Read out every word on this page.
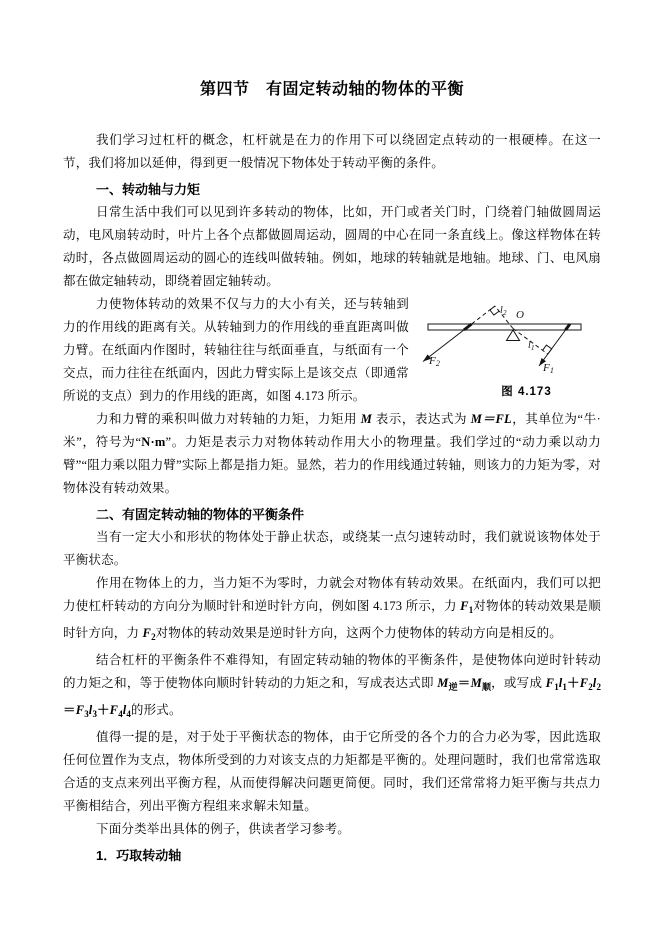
第四节　有固定转动轴的物体的平衡
我们学习过杠杆的概念，杠杆就是在力的作用下可以绕固定点转动的一根硬棒。在这一节，我们将加以延伸，得到更一般情况下物体处于转动平衡的条件。
一、转动轴与力矩
日常生活中我们可以见到许多转动的物体，比如，开门或者关门时，门绕着门轴做圆周运动，电风扇转动时，叶片上各个点都做圆周运动，圆周的中心在同一条直线上。像这样物体在转动时，各点做圆周运动的圆心的连线叫做转轴。例如，地球的转轴就是地轴。地球、门、电风扇都在做定轴转动，即绕着固定轴转动。
O
$l_2$
$l_1$
F2	F1
图 4.173
力使物体转动的效果不仅与力的大小有关，还与转轴到力的作用线的距离有关。从转轴到力的作用线的垂直距离叫做力臂。在纸面内作图时，转轴往往与纸面垂直，与纸面有一个交点，而力往往在纸面内，因此力臂实际上是该交点（即通常所说的支点）到力的作用线的距离，如图 4.173 所示。
力和力臂的乘积叫做力对转轴的力矩，力矩用 M 表示，表达式为 M＝FL，其单位为“牛·米”，符号为“N·m”。力矩是表示力对物体转动作用大小的物理量。我们学过的“动力乘以动力臂”“阻力乘以阻力臂”实际上都是指力矩。显然，若力的作用线通过转轴，则该力的力矩为零，对物体没有转动效果。
二、有固定转动轴的物体的平衡条件
当有一定大小和形状的物体处于静止状态，或绕某一点匀速转动时，我们就说该物体处于平衡状态。
作用在物体上的力，当力矩不为零时，力就会对物体有转动效果。在纸面内，我们可以把力使杠杆转动的方向分为顺时针和逆时针方向，例如图 4.173 所示，力 $F_1$对物体的转动效果是顺时针方向，力 $F_2$对物体的转动效果是逆时针方向，这两个力使物体的转动方向是相反的。
结合杠杆的平衡条件不难得知，有固定转动轴的物体的平衡条件，是使物体向逆时针转动的力矩之和，等于使物体向顺时针转动的力矩之和，写成表达式即 $M_逆=M_顺$，或写成 $F_1l_1+F_2l_2=F_3l_3+F_4l_4$的形式。
值得一提的是，对于处于平衡状态的物体，由于它所受的各个力的合力必为零，因此选取任何位置作为支点，物体所受到的力对该支点的力矩都是平衡的。处理问题时，我们也常常选取合适的支点来列出平衡方程，从而使得解决问题更简便。同时，我们还常常将力矩平衡与共点力平衡相结合，列出平衡方程组来求解未知量。
下面分类举出具体的例子，供读者学习参考。
1．巧取转动轴
